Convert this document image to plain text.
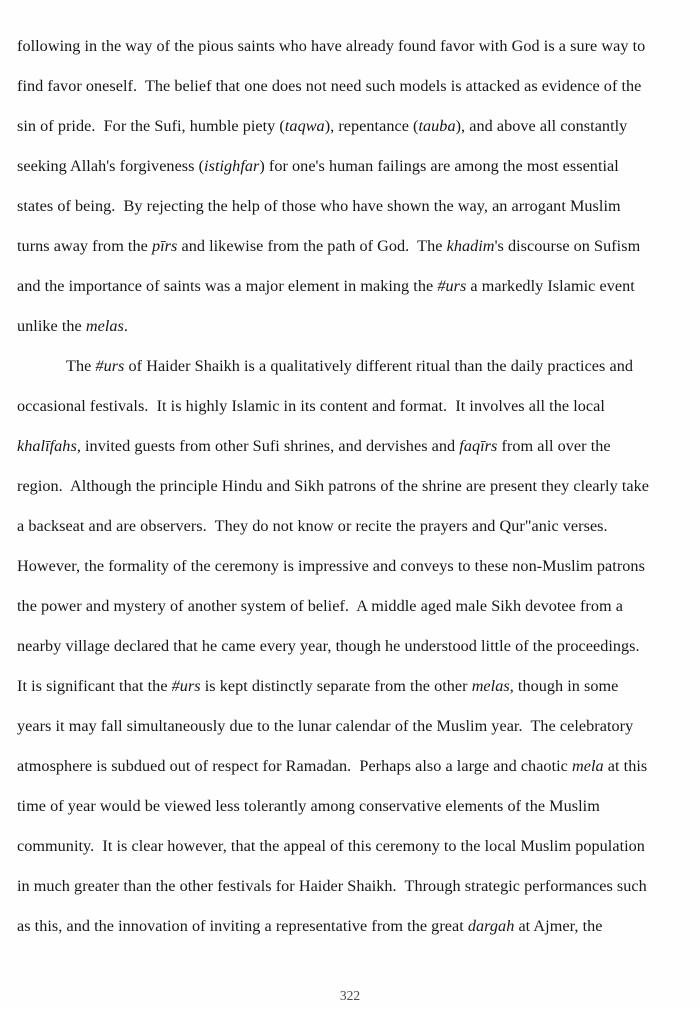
following in the way of the pious saints who have already found favor with God is a sure way to
find favor oneself.  The belief that one does not need such models is attacked as evidence of the
sin of pride.  For the Sufi, humble piety (taqwa), repentance (tauba), and above all constantly
seeking Allah's forgiveness (istighfar) for one's human failings are among the most essential
states of being.  By rejecting the help of those who have shown the way, an arrogant Muslim
turns away from the pīrs and likewise from the path of God.  The khadim's discourse on Sufism
and the importance of saints was a major element in making the #urs a markedly Islamic event
unlike the melas.

The #urs of Haider Shaikh is a qualitatively different ritual than the daily practices and
occasional festivals.  It is highly Islamic in its content and format.  It involves all the local
khalīfahs, invited guests from other Sufi shrines, and dervishes and faqīrs from all over the
region.  Although the principle Hindu and Sikh patrons of the shrine are present they clearly take
a backseat and are observers.  They do not know or recite the prayers and Qur"anic verses.
However, the formality of the ceremony is impressive and conveys to these non-Muslim patrons
the power and mystery of another system of belief.  A middle aged male Sikh devotee from a
nearby village declared that he came every year, though he understood little of the proceedings.
It is significant that the #urs is kept distinctly separate from the other melas, though in some
years it may fall simultaneously due to the lunar calendar of the Muslim year.  The celebratory
atmosphere is subdued out of respect for Ramadan.  Perhaps also a large and chaotic mela at this
time of year would be viewed less tolerantly among conservative elements of the Muslim
community.  It is clear however, that the appeal of this ceremony to the local Muslim population
in much greater than the other festivals for Haider Shaikh.  Through strategic performances such
as this, and the innovation of inviting a representative from the great dargah at Ajmer, the

322
